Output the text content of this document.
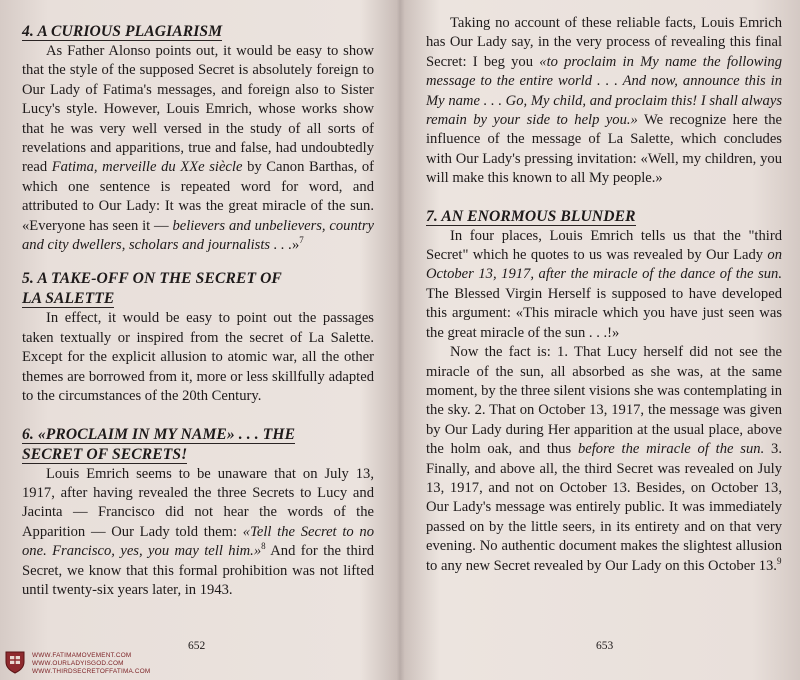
4. A CURIOUS PLAGIARISM

As Father Alonso points out, it would be easy to show that the style of the supposed Secret is absolutely foreign to Our Lady of Fatima's messages, and foreign also to Sister Lucy's style. However, Louis Emrich, whose works show that he was very well versed in the study of all sorts of revelations and apparitions, true and false, had undoubtedly read Fatima, merveille du XXe siècle by Canon Barthas, of which one sentence is repeated word for word, and attributed to Our Lady: It was the great miracle of the sun. «Everyone has seen it — believers and unbelievers, country and city dwellers, scholars and journalists . . .»$^7$

5. A TAKE-OFF ON THE SECRET OF
LA SALETTE

In effect, it would be easy to point out the passages taken textually or inspired from the secret of La Salette. Except for the explicit allusion to atomic war, all the other themes are borrowed from it, more or less skillfully adapted to the circumstances of the 20th Century.

6. «PROCLAIM IN MY NAME» . . . THE
SECRET OF SECRETS!

Louis Emrich seems to be unaware that on July 13, 1917, after having revealed the three Secrets to Lucy and Jacinta — Francisco did not hear the words of the Apparition — Our Lady told them: «Tell the Secret to no one. Francisco, yes, you may tell him.»$^8$ And for the third Secret, we know that this formal prohibition was not lifted until twenty-six years later, in 1943.

652
WWW.FATIMAMOVEMENT.COM
WWW.OURLADYISGOD.COM
WWW.THIRDSECRETOFFATIMA.COM

Taking no account of these reliable facts, Louis Emrich has Our Lady say, in the very process of revealing this final Secret: I beg you «to proclaim in My name the following message to the entire world . . . And now, announce this in My name . . . Go, My child, and proclaim this! I shall always remain by your side to help you.» We recognize here the influence of the message of La Salette, which concludes with Our Lady's pressing invitation: «Well, my children, you will make this known to all My people.»

7. AN ENORMOUS BLUNDER

In four places, Louis Emrich tells us that the "third Secret" which he quotes to us was revealed by Our Lady on October 13, 1917, after the miracle of the dance of the sun. The Blessed Virgin Herself is supposed to have developed this argument: «This miracle which you have just seen was the great miracle of the sun . . .!»

Now the fact is: 1. That Lucy herself did not see the miracle of the sun, all absorbed as she was, at the same moment, by the three silent visions she was contemplating in the sky. 2. That on October 13, 1917, the message was given by Our Lady during Her apparition at the usual place, above the holm oak, and thus before the miracle of the sun. 3. Finally, and above all, the third Secret was revealed on July 13, 1917, and not on October 13. Besides, on October 13, Our Lady's message was entirely public. It was immediately passed on by the little seers, in its entirety and on that very evening. No authentic document makes the slightest allusion to any new Secret revealed by Our Lady on this October 13.$^9$

653
